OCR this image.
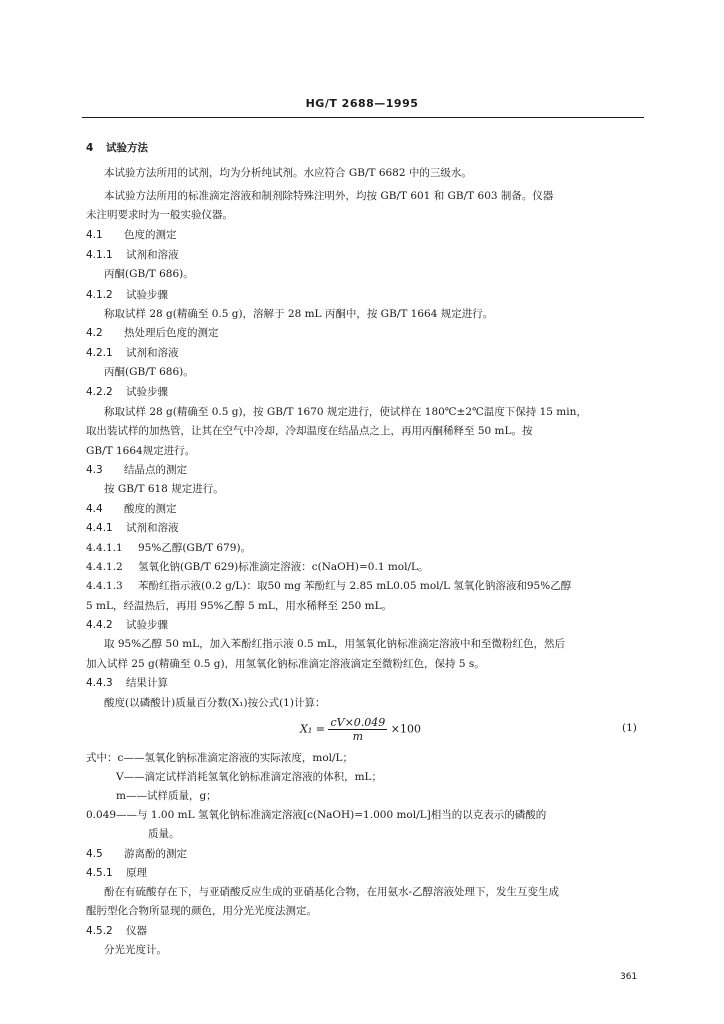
HG/T 2688—1995
4 试验方法
本试验方法所用的试剂，均为分析纯试剂。水应符合 GB/T 6682 中的三级水。
本试验方法所用的标准滴定溶液和制剂除特殊注明外，均按 GB/T 601 和 GB/T 603 制备。仪器
未注明要求时为一般实验仪器。
4.1 色度的测定
4.1.1 试剂和溶液
丙酮(GB/T 686)。
4.1.2 试验步骤
称取试样 28 g(精确至 0.5 g)，溶解于 28 mL 丙酮中，按 GB/T 1664 规定进行。
4.2 热处理后色度的测定
4.2.1 试剂和溶液
丙酮(GB/T 686)。
4.2.2 试验步骤
称取试样 28 g(精确至 0.5 g)，按 GB/T 1670 规定进行，使试样在 180℃±2℃温度下保持 15 min，
取出装试样的加热管，让其在空气中冷却，冷却温度在结晶点之上，再用丙酮稀释至 50 mL。按
GB/T 1664规定进行。
4.3 结晶点的测定
按 GB/T 618 规定进行。
4.4 酸度的测定
4.4.1 试剂和溶液
4.4.1.1 95%乙醇(GB/T 679)。
4.4.1.2 氢氧化钠(GB/T 629)标准滴定溶液：c(NaOH)=0.1 mol/L。
4.4.1.3 苯酚红指示液(0.2 g/L)：取50 mg 苯酚红与 2.85 mL0.05 mol/L 氢氧化钠溶液和95%乙醇
5 mL，经温热后，再用 95%乙醇 5 mL，用水稀释至 250 mL。
4.4.2 试验步骤
取 95%乙醇 50 mL，加入苯酚红指示液 0.5 mL，用氢氧化钠标准滴定溶液中和至微粉红色，然后
加入试样 25 g(精确至 0.5 g)，用氢氧化钠标准滴定溶液滴定至微粉红色，保持 5 s。
4.4.3 结果计算
酸度(以磷酸计)质量百分数(X₁)按公式(1)计算：
$X_1 = \frac{cV\times 0.049}{m} \times 100$	(1)
式中：c——氢氧化钠标准滴定溶液的实际浓度，mol/L；
V——滴定试样消耗氢氧化钠标准滴定溶液的体积，mL；
m——试样质量，g；
0.049——与 1.00 mL 氢氧化钠标准滴定溶液[c(NaOH)=1.000 mol/L]相当的以克表示的磷酸的
质量。
4.5 游离酚的测定
4.5.1 原理
酚在有硫酸存在下，与亚硝酸反应生成的亚硝基化合物，在用氨水-乙醇溶液处理下，发生互变生成
醌肟型化合物所显现的颜色，用分光光度法测定。
4.5.2 仪器
分光光度计。
361
